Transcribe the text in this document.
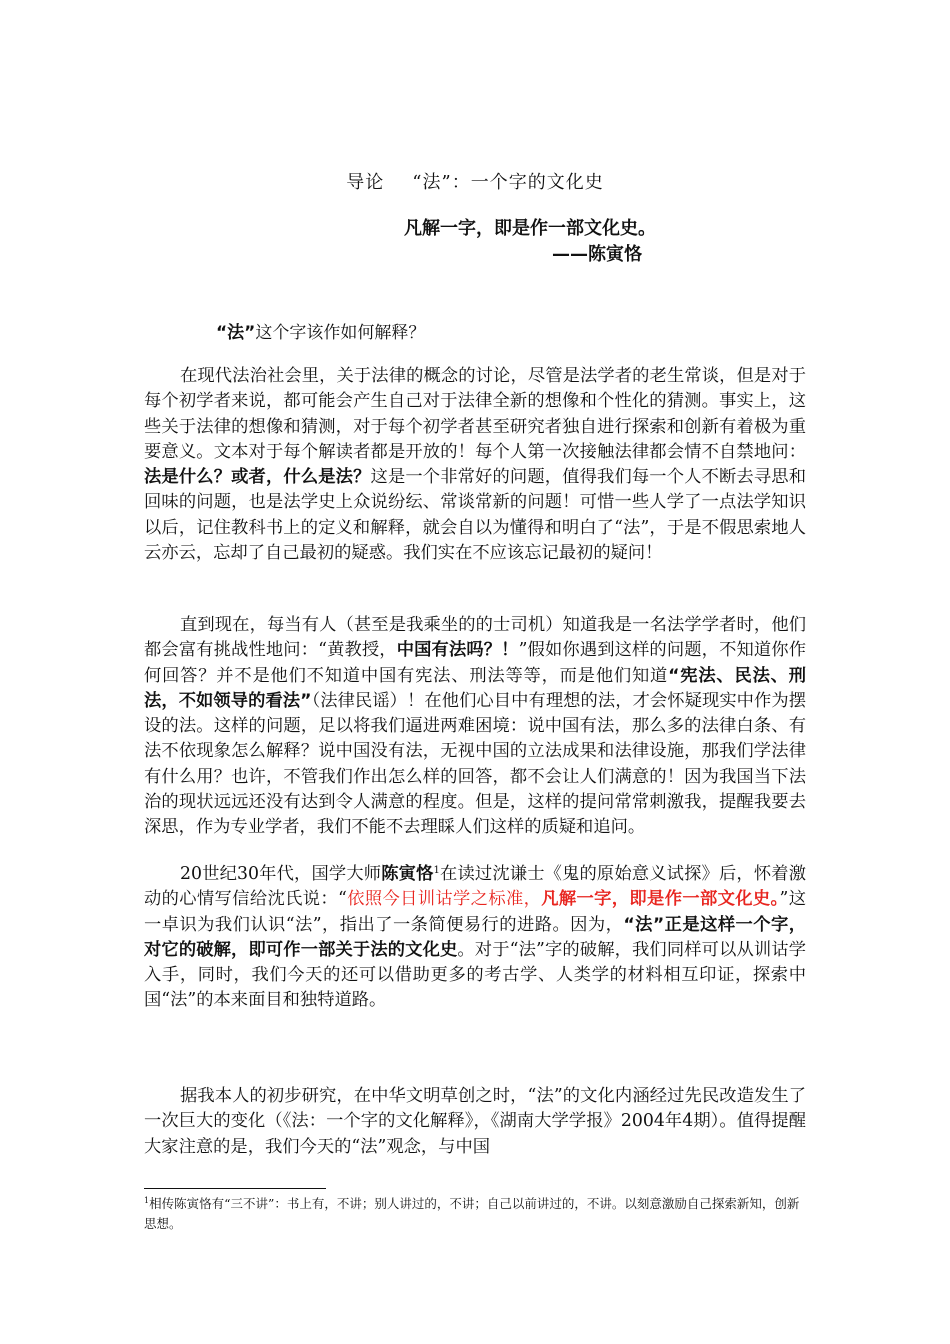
导论 “法”：一个字的文化史
凡解一字，即是作一部文化史。
——陈寅恪
“法”这个字该作如何解释？

在现代法治社会里，关于法律的概念的讨论，尽管是法学者的老生常谈，但是对于每个初学者来说，都可能会产生自己对于法律全新的想像和个性化的猜测。事实上，这些关于法律的想像和猜测，对于每个初学者甚至研究者独自进行探索和创新有着极为重要意义。文本对于每个解读者都是开放的！每个人第一次接触法律都会情不自禁地问：法是什么？或者，什么是法？这是一个非常好的问题，值得我们每一个人不断去寻思和回味的问题，也是法学史上众说纷纭、常谈常新的问题！可惜一些人学了一点法学知识以后，记住教科书上的定义和解释，就会自以为懂得和明白了“法”，于是不假思索地人云亦云，忘却了自己最初的疑惑。我们实在不应该忘记最初的疑问！

直到现在，每当有人（甚至是我乘坐的的士司机）知道我是一名法学学者时，他们都会富有挑战性地问：“黄教授，中国有法吗？！”假如你遇到这样的问题，不知道你作何回答？并不是他们不知道中国有宪法、刑法等等，而是他们知道“宪法、民法、刑法，不如领导的看法”（法律民谣）！在他们心目中有理想的法，才会怀疑现实中作为摆设的法。这样的问题，足以将我们逼进两难困境：说中国有法，那么多的法律白条、有法不依现象怎么解释？说中国没有法，无视中国的立法成果和法律设施，那我们学法律有什么用？也许，不管我们作出怎么样的回答，都不会让人们满意的！因为我国当下法治的现状远远还没有达到令人满意的程度。但是，这样的提问常常刺激我，提醒我要去深思，作为专业学者，我们不能不去理睬人们这样的质疑和追问。

20世纪30年代，国学大师陈寅恪$^1$在读过沈谦士《鬼的原始意义试探》后，怀着激动的心情写信给沈氏说：“依照今日训诂学之标准，凡解一字，即是作一部文化史。”这一卓识为我们认识“法”，指出了一条简便易行的进路。因为，“法”正是这样一个字，对它的破解，即可作一部关于法的文化史。对于“法”字的破解，我们同样可以从训诂学入手，同时，我们今天的还可以借助更多的考古学、人类学的材料相互印证，探索中国“法”的本来面目和独特道路。

据我本人的初步研究，在中华文明草创之时，“法”的文化内涵经过先民改造发生了一次巨大的变化（《法：一个字的文化解释》，《湖南大学学报》2004年4期）。值得提醒大家注意的是，我们今天的“法”观念，与中国

$^1$相传陈寅恪有“三不讲”：书上有，不讲；别人讲过的，不讲；自己以前讲过的，不讲。以刻意激励自己探索新知，创新思想。
